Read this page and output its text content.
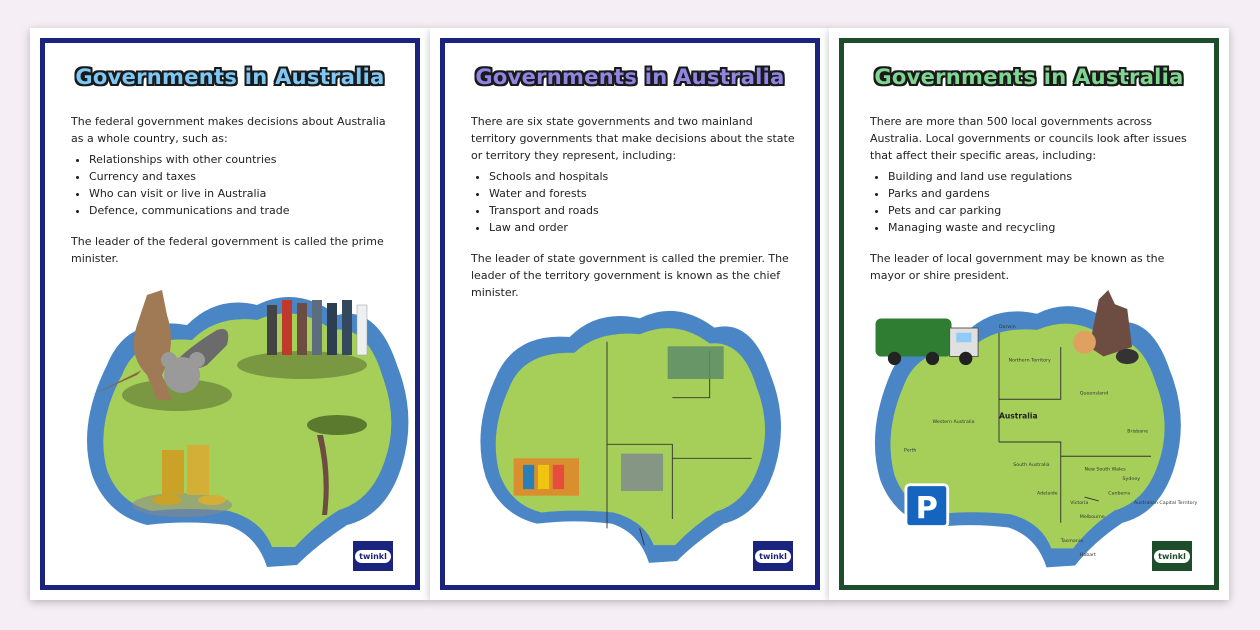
Governments in Australia

The federal government makes decisions about Australia as a whole country, such as:

• Relationships with other countries
• Currency and taxes
• Who can visit or live in Australia
• Defence, communications and trade

The leader of the federal government is called the prime minister.

twinkl
Governments in Australia

There are six state governments and two mainland territory governments that make decisions about the state or territory they represent, including:

• Schools and hospitals
• Water and forests
• Transport and roads
• Law and order

The leader of state government is called the premier. The leader of the territory government is known as the chief minister.

twinkl
Governments in Australia

There are more than 500 local governments across Australia. Local governments or councils look after issues that affect their specific areas, including:

• Building and land use regulations
• Parks and gardens
• Pets and car parking
• Managing waste and recycling

The leader of local government may be known as the mayor or shire president.

Northern Territory
Queensland
Western Australia
South Australia
New South Wales
Victoria
Tasmania
Darwin
Brisbane
Perth
Adelaide
Sydney
Canberra
Melbourne
Hobart
Australian Capital Territory
Australia
P
twinkl
